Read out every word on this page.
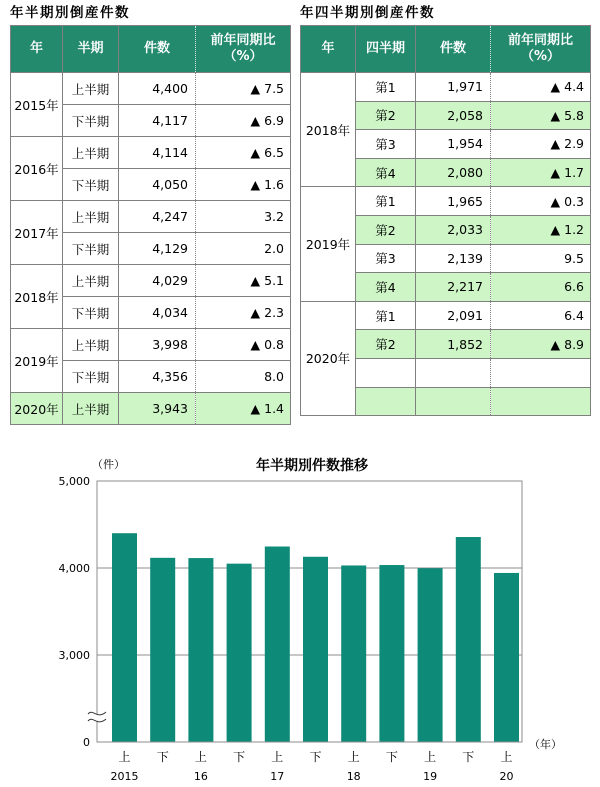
年半期別倒産件数
年	半期	件数	前年同期比
（%）
2015年	上半期	4,400	▲ 7.5
	下半期	4,117	▲ 6.9
2016年	上半期	4,114	▲ 6.5
	下半期	4,050	▲ 1.6
2017年	上半期	4,247	3.2
	下半期	4,129	2.0
2018年	上半期	4,029	▲ 5.1
	下半期	4,034	▲ 2.3
2019年	上半期	3,998	▲ 0.8
	下半期	4,356	8.0
2020年	上半期	3,943	▲ 1.4
年四半期別倒産件数
年	四半期	件数	前年同期比
（%）
2018年	第1	1,971	▲ 4.4
	第2	2,058	▲ 5.8
	第3	1,954	▲ 2.9
	第4	2,080	▲ 1.7
2019年	第1	1,965	▲ 0.3
	第2	2,033	▲ 1.2
	第3	2,139	9.5
	第4	2,217	6.6
2020年	第1	2,091	6.4
	第2	1,852	▲ 8.9

年半期別件数推移
（件）
（年）
5,000
4,000
3,000
0
上 下 上 下 上 下 上 下 上 下 上
2015	16	17	18	19	20
